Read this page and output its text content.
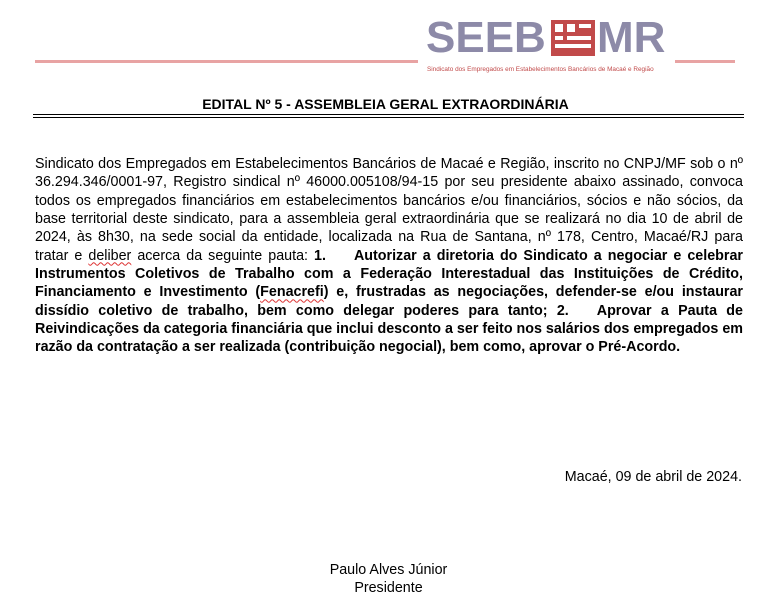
SEEB MR
Sindicato dos Empregados em Estabelecimentos Bancários de Macaé e Região
EDITAL Nº 5 - ASSEMBLEIA GERAL EXTRAORDINÁRIA

Sindicato dos Empregados em Estabelecimentos Bancários de Macaé e Região, inscrito no CNPJ/MF sob o nº 36.294.346/0001-97, Registro sindical nº 46000.005108/94-15 por seu presidente abaixo assinado, convoca todos os empregados financiários em estabelecimentos bancários e/ou financiários, sócios e não sócios, da base territorial deste sindicato, para a assembleia geral extraordinária que se realizará no dia 10 de abril de 2024, às 8h30, na sede social da entidade, localizada na Rua de Santana, nº 178, Centro, Macaé/RJ para tratar e deliber acerca da seguinte pauta: 1. Autorizar a diretoria do Sindicato a negociar e celebrar Instrumentos Coletivos de Trabalho com a Federação Interestadual das Instituições de Crédito, Financiamento e Investimento (Fenacrefi) e, frustradas as negociações, defender-se e/ou instaurar dissídio coletivo de trabalho, bem como delegar poderes para tanto; 2. Aprovar a Pauta de Reivindicações da categoria financiária que inclui desconto a ser feito nos salários dos empregados em razão da contratação a ser realizada (contribuição negocial), bem como, aprovar o Pré-Acordo.

Macaé, 09 de abril de 2024.
Paulo Alves Júnior
Presidente
